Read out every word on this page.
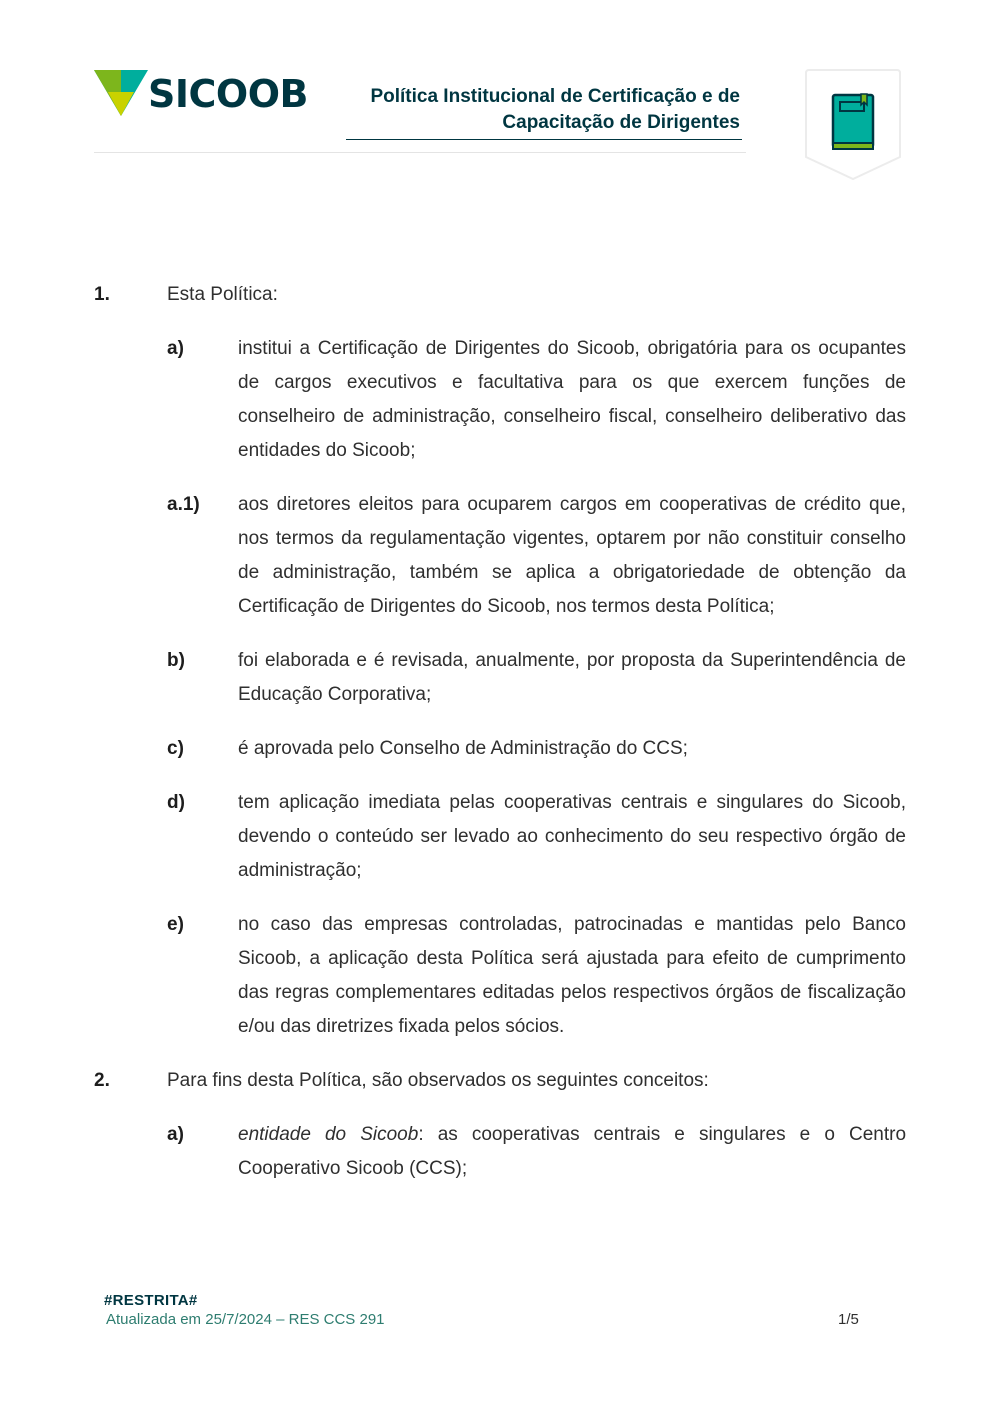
SICOOB	Política Institucional de Certificação e de
Capacitação de Dirigentes
1.	Esta Política:
a)	institui a Certificação de Dirigentes do Sicoob, obrigatória para os ocupantes de cargos executivos e facultativa para os que exercem funções de conselheiro de administração, conselheiro fiscal, conselheiro deliberativo das entidades do Sicoob;
a.1) aos diretores eleitos para ocuparem cargos em cooperativas de crédito que, nos termos da regulamentação vigentes, optarem por não constituir conselho de administração, também se aplica a obrigatoriedade de obtenção da Certificação de Dirigentes do Sicoob, nos termos desta Política;
b)	foi elaborada e é revisada, anualmente, por proposta da Superintendência de Educação Corporativa;
c)	é aprovada pelo Conselho de Administração do CCS;
d)	tem aplicação imediata pelas cooperativas centrais e singulares do Sicoob, devendo o conteúdo ser levado ao conhecimento do seu respectivo órgão de administração;
e)	no caso das empresas controladas, patrocinadas e mantidas pelo Banco Sicoob, a aplicação desta Política será ajustada para efeito de cumprimento das regras complementares editadas pelos respectivos órgãos de fiscalização e/ou das diretrizes fixada pelos sócios.
2.	Para fins desta Política, são observados os seguintes conceitos:
a)	entidade do Sicoob: as cooperativas centrais e singulares e o Centro Cooperativo Sicoob (CCS);
#RESTRITA#
Atualizada em 25/7/2024 – RES CCS 291	1/5
